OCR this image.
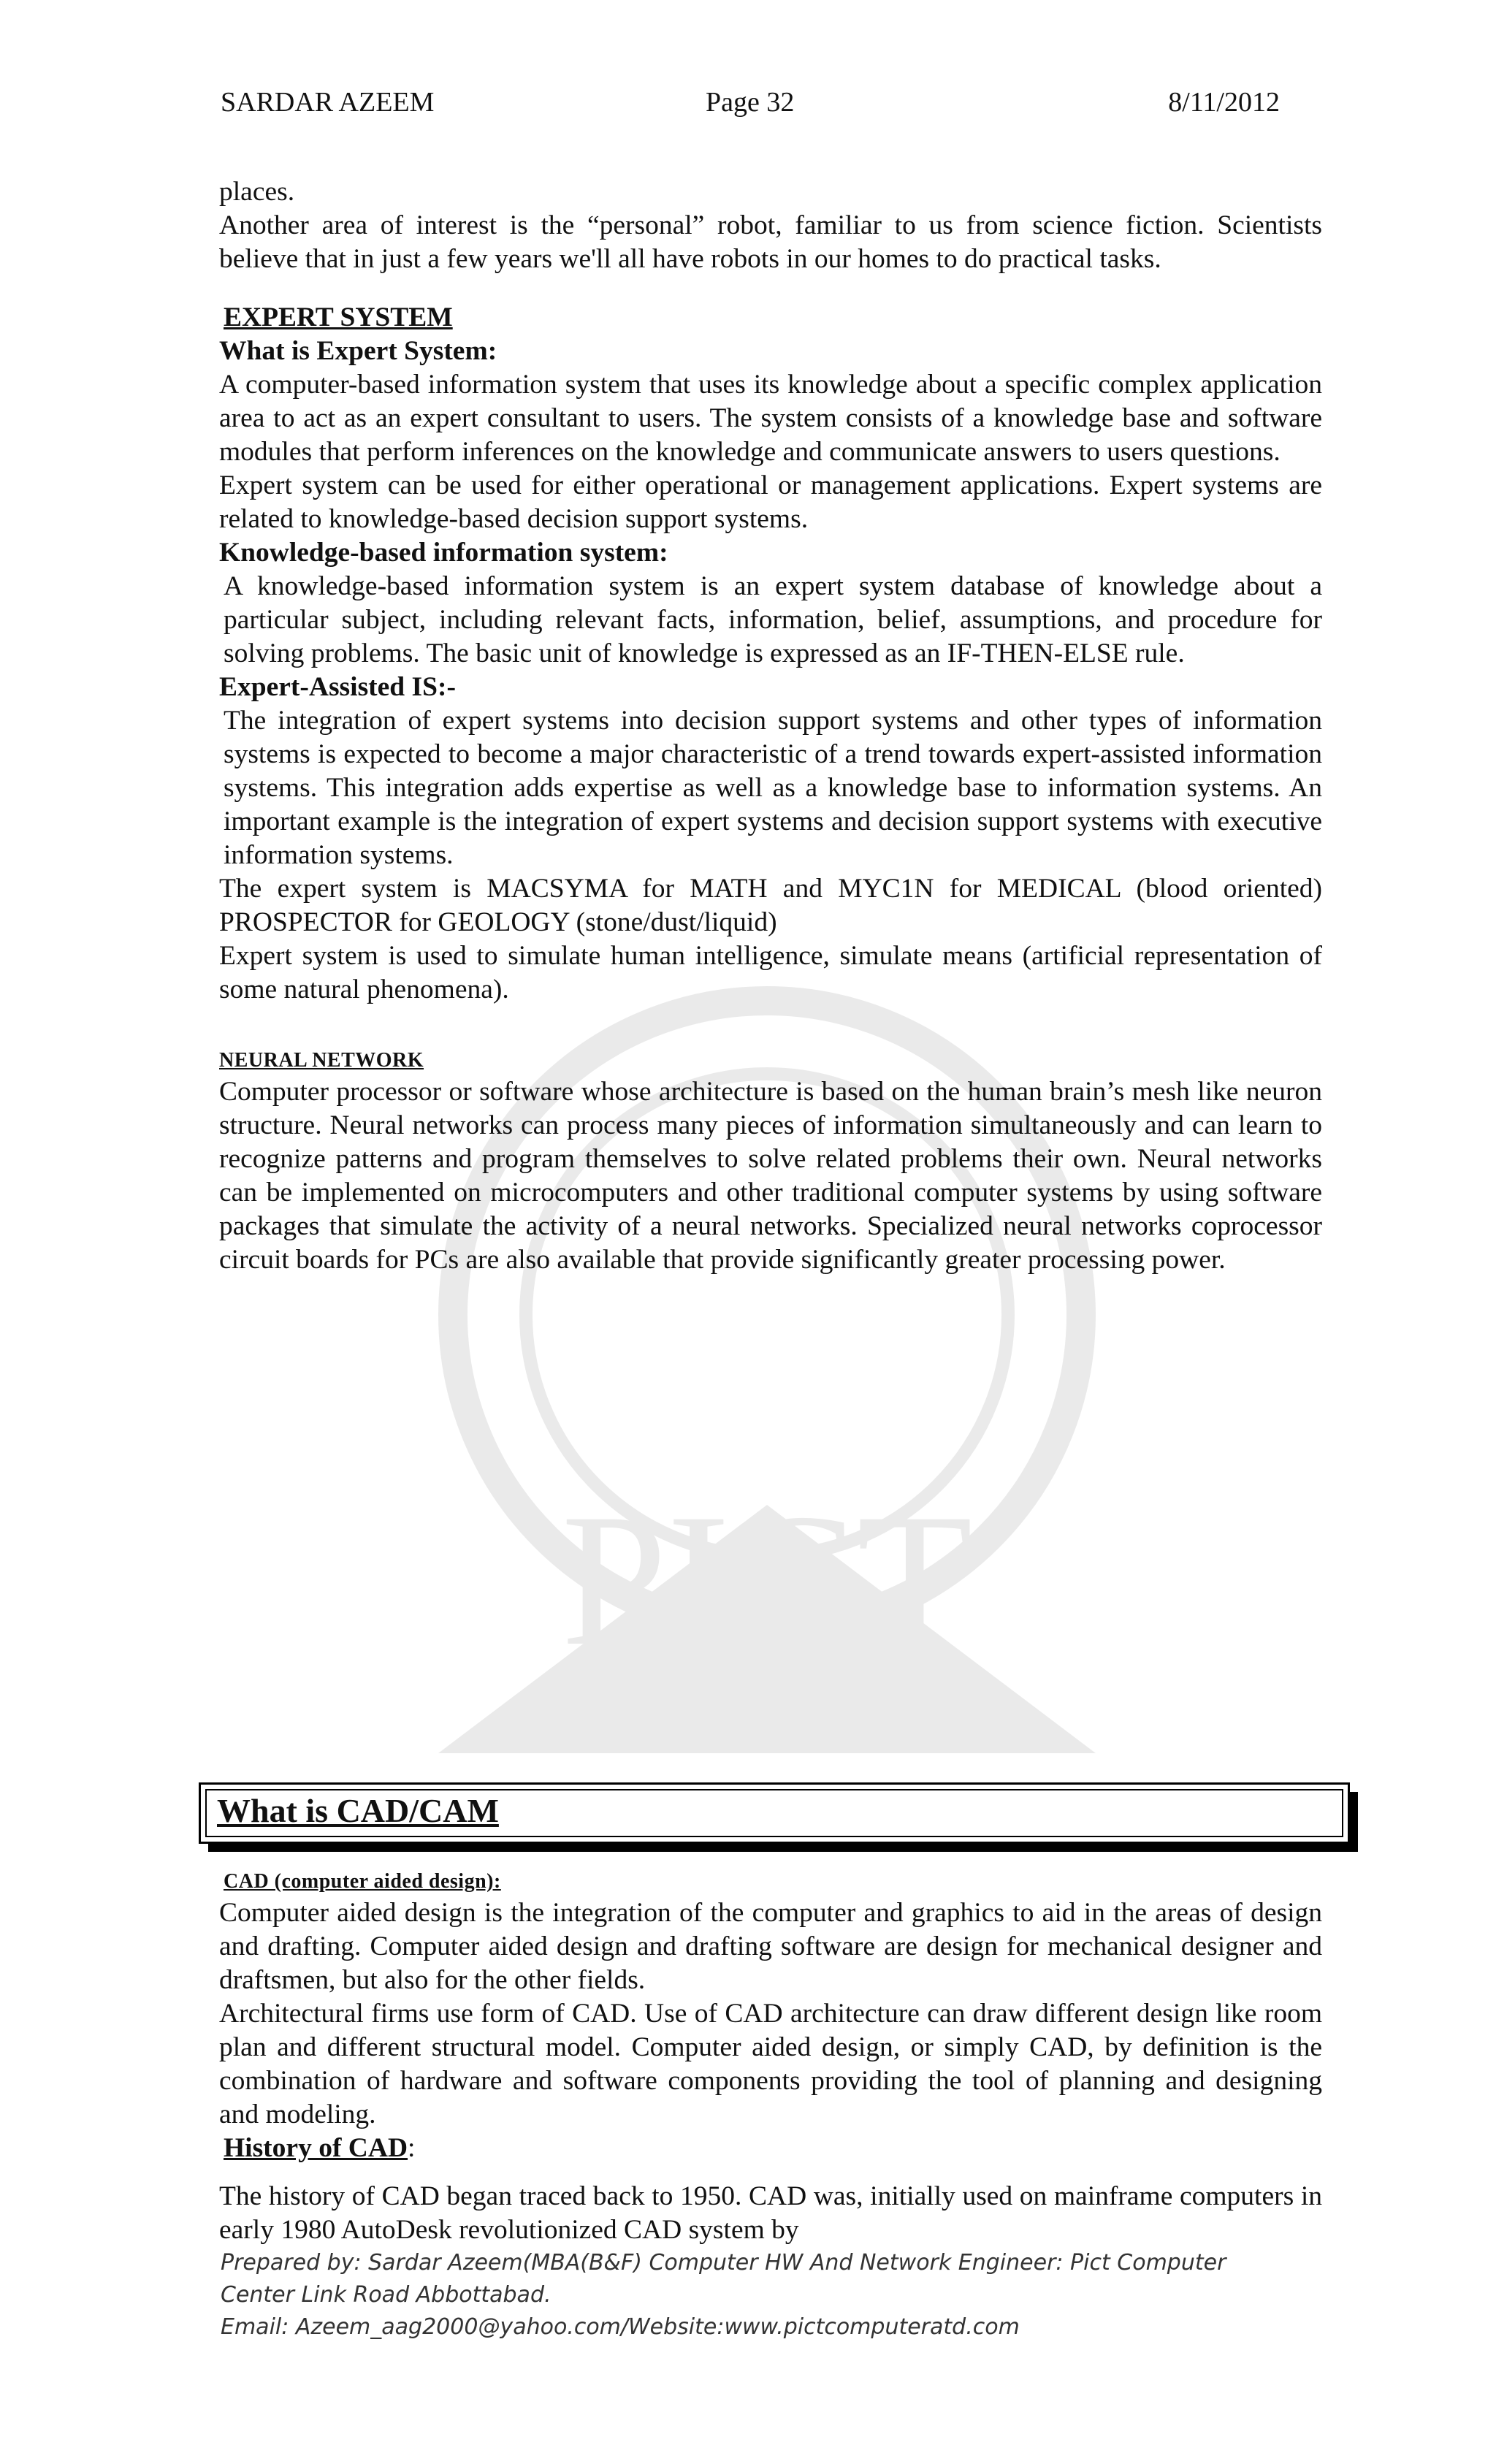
PICT
SARDAR AZEEM	Page 32	8/11/2012

places.

Another area of interest is the “personal” robot, familiar to us from science fiction. Scientists believe that in just a few years we'll all have robots in our homes to do practical tasks.

EXPERT SYSTEM

What is Expert System:

A computer-based information system that uses its knowledge about a specific complex application area to act as an expert consultant to users. The system consists of a knowledge base and software modules that perform inferences on the knowledge and communicate answers to users questions.

Expert system can be used for either operational or management applications. Expert systems are related to knowledge-based decision support systems.

Knowledge-based information system:

A knowledge-based information system is an expert system database of knowledge about a particular subject, including relevant facts, information, belief, assumptions, and procedure for solving problems. The basic unit of knowledge is expressed as an IF-THEN-ELSE rule.

Expert-Assisted IS:-

The integration of expert systems into decision support systems and other types of information systems is expected to become a major characteristic of a trend towards expert-assisted information systems. This integration adds expertise as well as a knowledge base to information systems. An important example is the integration of expert systems and decision support systems with executive information systems.

The expert system is MACSYMA for MATH and MYC1N for MEDICAL (blood oriented) PROSPECTOR for GEOLOGY (stone/dust/liquid)

Expert system is used to simulate human intelligence, simulate means (artificial representation of some natural phenomena).

NEURAL NETWORK

Computer processor or software whose architecture is based on the human brain’s mesh like neuron structure. Neural networks can process many pieces of information simultaneously and can learn to recognize patterns and program themselves to solve related problems their own. Neural networks can be implemented on microcomputers and other traditional computer systems by using software packages that simulate the activity of a neural networks. Specialized neural networks coprocessor circuit boards for PCs are also available that provide significantly greater processing power.

What is CAD/CAM

CAD (computer aided design):

Computer aided design is the integration of the computer and graphics to aid in the areas of design and drafting. Computer aided design and drafting software are design for mechanical designer and draftsmen, but also for the other fields.

Architectural firms use form of CAD. Use of CAD architecture can draw different design like room plan and different structural model. Computer aided design, or simply CAD, by definition is the combination of hardware and software components providing the tool of planning and designing and modeling.

History of CAD:

The history of CAD began traced back to 1950. CAD was, initially used on mainframe computers in early 1980 AutoDesk revolutionized CAD system by

Prepared by: Sardar Azeem(MBA(B&F) Computer HW And Network Engineer: Pict Computer
Center Link Road Abbottabad.
Email: Azeem_aag2000@yahoo.com/Website:www.pictcomputeratd.com
